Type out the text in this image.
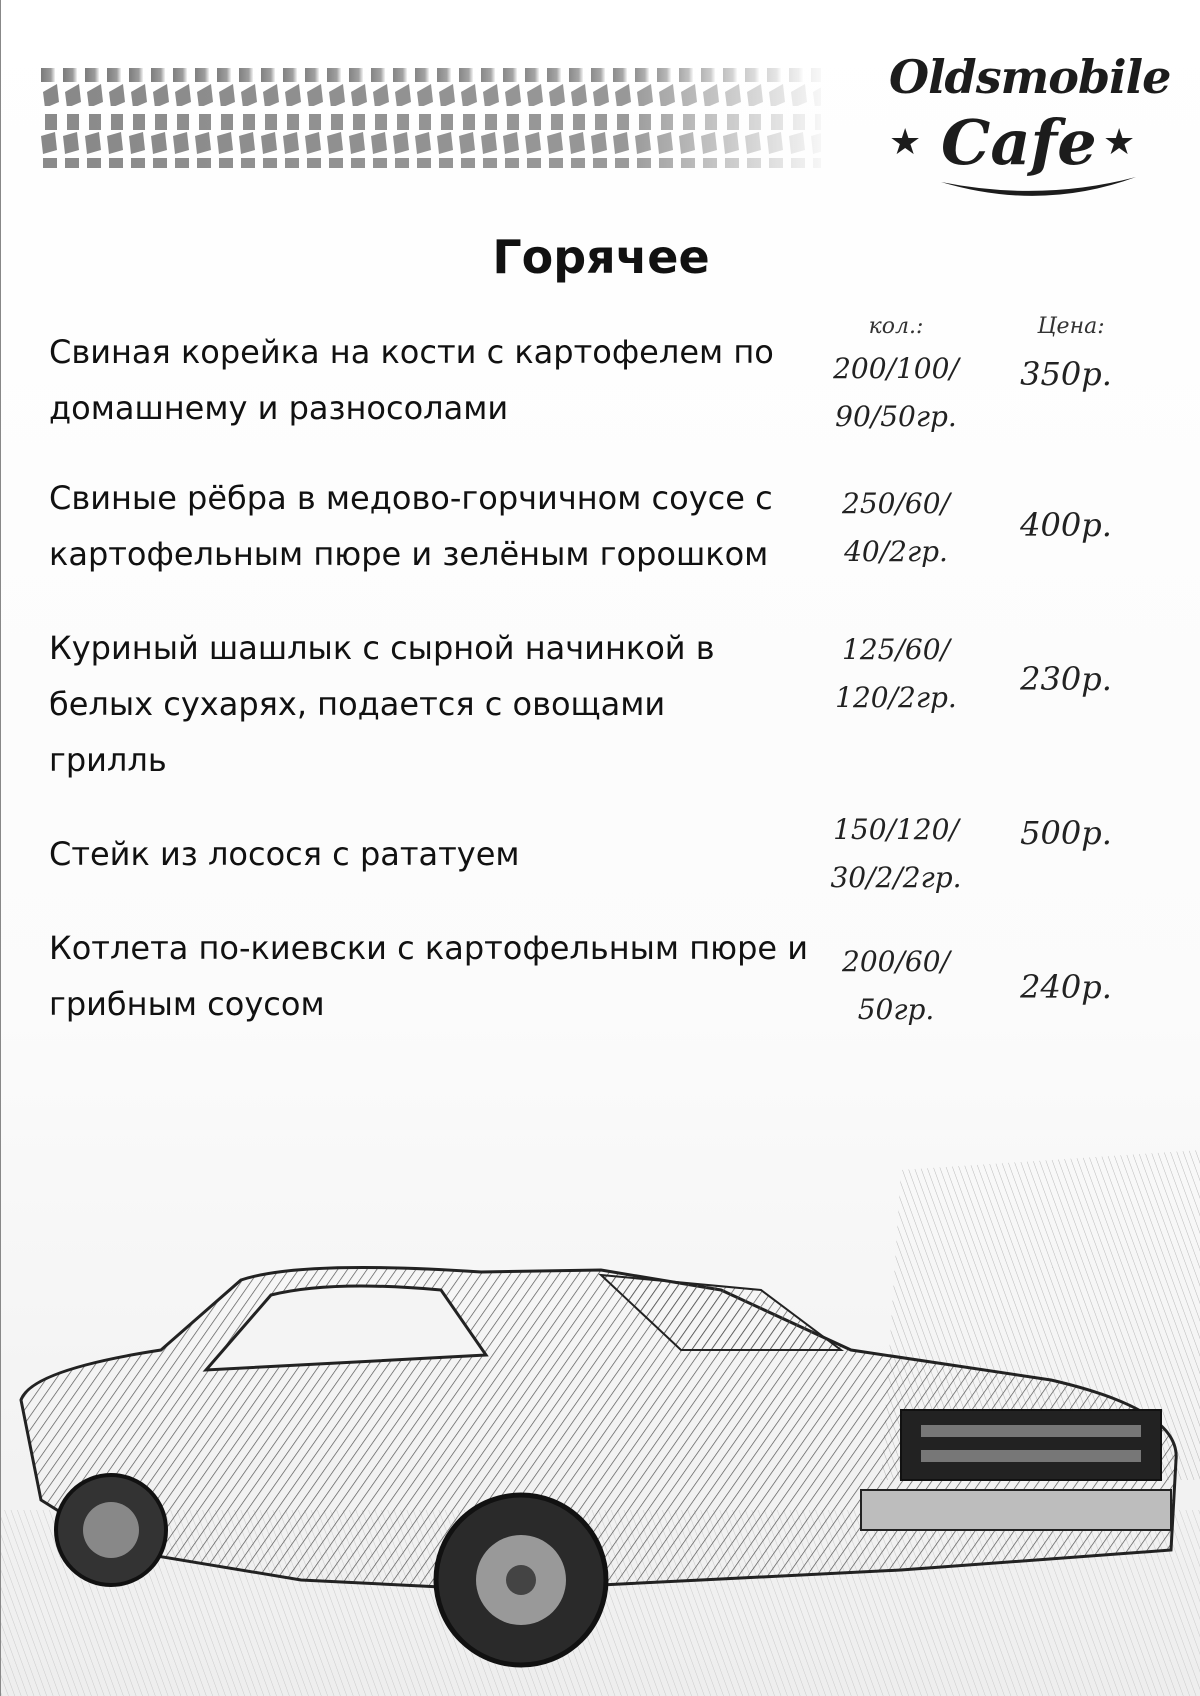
Oldsmobile
★ Cafe ★
Горячее
кол.:	Цена:
Свиная корейка на кости с картофелем по домашнему и разносолами
200/100/ 90/50гр.
350р.
Свиные рёбра в медово-горчичном соусе с картофельным пюре и зелёным горошком
250/60/ 40/2гр.
400р.
Куриный шашлык с сырной начинкой в белых сухарях, подается с овощами грилль
125/60/ 120/2гр.	230р.
Стейк из лосося с рататуем
150/120/ 30/2/2гр.
500р.
Котлета по-киевски с картофельным пюре и грибным соусом
200/60/ 50гр.
240р.
